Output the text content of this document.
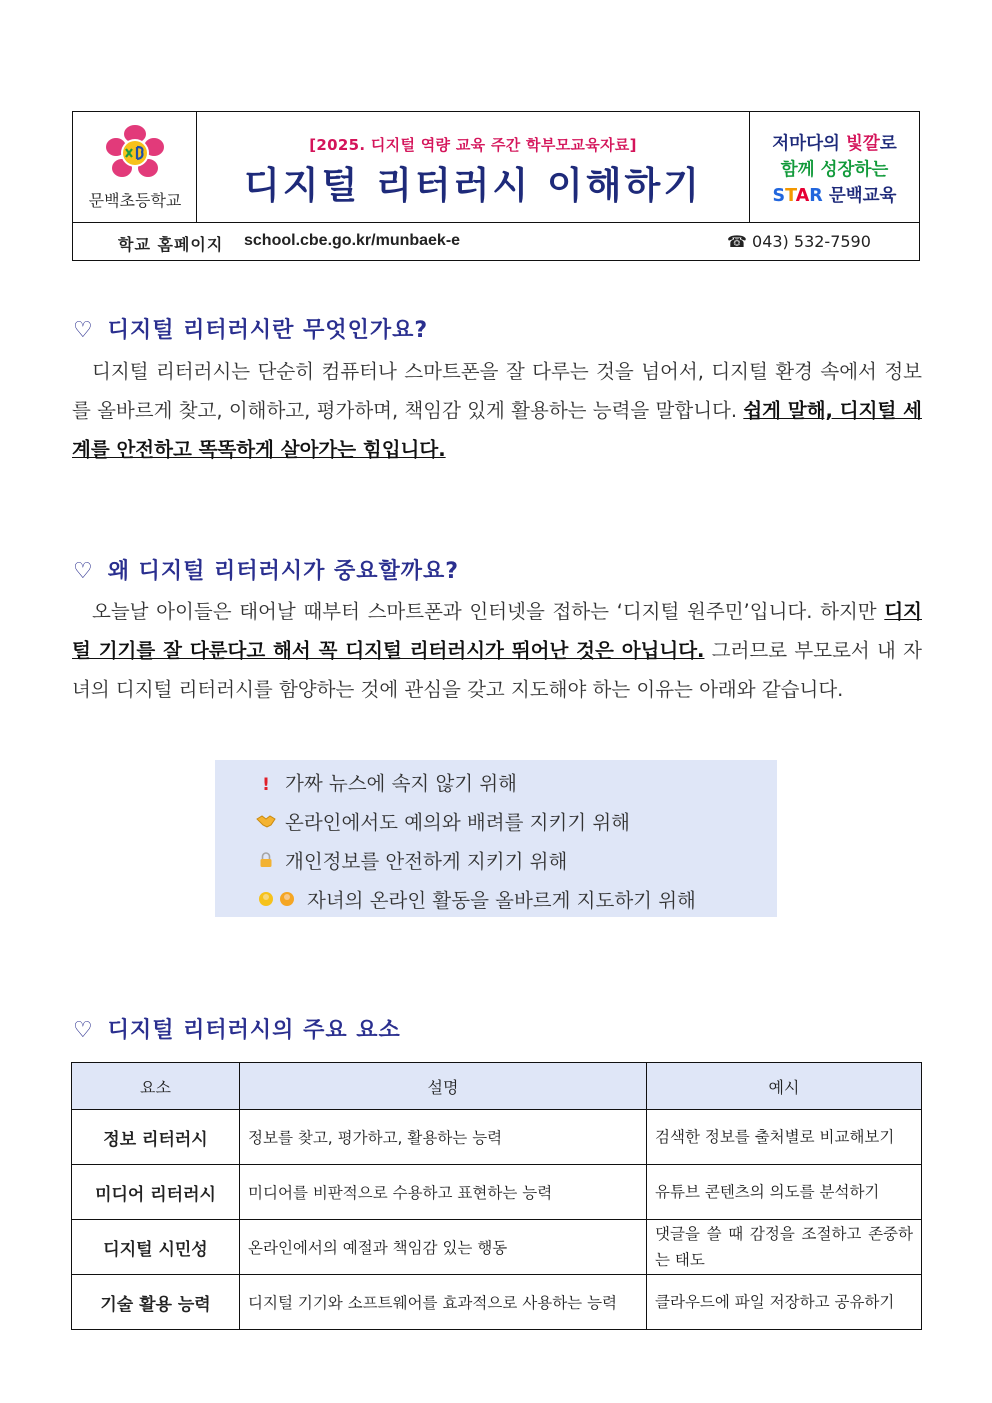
문백초등학교
[2025. 디지털 역량 교육 주간 학부모교육자료]
디지털 리터러시 이해하기
저마다의 빛깔로
함께 성장하는
STAR 문백교육
학교 홈페이지 school.cbe.go.kr/munbaek-e	☎ 043) 532-7590
♡ 디지털 리터러시란 무엇인가요?
디지털 리터러시는 단순히 컴퓨터나 스마트폰을 잘 다루는 것을 넘어서, 디지털 환경 속에서 정보를 올바르게 찾고, 이해하고, 평가하며, 책임감 있게 활용하는 능력을 말합니다. 쉽게 말해, 디지털 세계를 안전하고 똑똑하게 살아가는 힘입니다.
♡ 왜 디지털 리터러시가 중요할까요?
오늘날 아이들은 태어날 때부터 스마트폰과 인터넷을 접하는 ‘디지털 원주민’입니다. 하지만 디지털 기기를 잘 다룬다고 해서 꼭 디지털 리터러시가 뛰어난 것은 아닙니다. 그러므로 부모로서 내 자녀의 디지털 리터러시를 함양하는 것에 관심을 갖고 지도해야 하는 이유는 아래와 같습니다.
! 가짜 뉴스에 속지 않기 위해
온라인에서도 예의와 배려를 지키기 위해
개인정보를 안전하게 지키기 위해
자녀의 온라인 활동을 올바르게 지도하기 위해
♡ 디지털 리터러시의 주요 요소
요소	설명	예시
정보 리터러시	정보를 찾고, 평가하고, 활용하는 능력	검색한 정보를 출처별로 비교해보기
미디어 리터러시	미디어를 비판적으로 수용하고 표현하는 능력	유튜브 콘텐츠의 의도를 분석하기
디지털 시민성	온라인에서의 예절과 책임감 있는 행동	댓글을 쓸 때 감정을 조절하고 존중하는 태도
기술 활용 능력	디지털 기기와 소프트웨어를 효과적으로 사용하는 능력	클라우드에 파일 저장하고 공유하기
